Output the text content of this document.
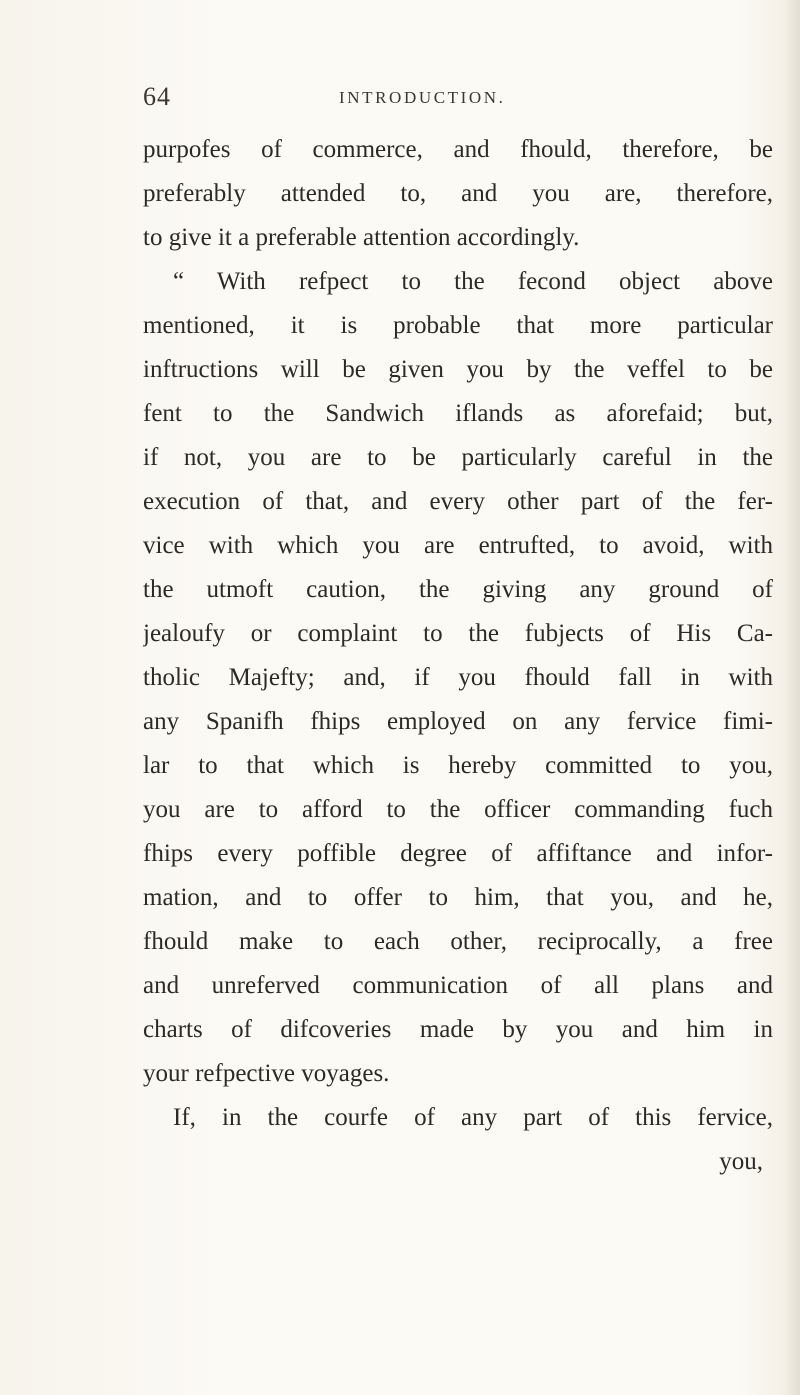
64	INTRODUCTION.
purpofes of commerce, and fhould, therefore, be
preferably attended to, and you are, therefore,
to give it a preferable attention accordingly.
“ With refpect to the fecond object above
mentioned, it is probable that more particular
inftructions will be given you by the veffel to be
fent to the Sandwich iflands as aforefaid; but,
if not, you are to be particularly careful in the
execution of that, and every other part of the fer-
vice with which you are entrufted, to avoid, with
the utmoft caution, the giving any ground of
jealoufy or complaint to the fubjects of His Ca-
tholic Majefty; and, if you fhould fall in with
any Spanifh fhips employed on any fervice fimi-
lar to that which is hereby committed to you,
you are to afford to the officer commanding fuch
fhips every poffible degree of affiftance and infor-
mation, and to offer to him, that you, and he,
fhould make to each other, reciprocally, a free
and unreferved communication of all plans and
charts of difcoveries made by you and him in
your refpective voyages.
If, in the courfe of any part of this fervice,
you,
